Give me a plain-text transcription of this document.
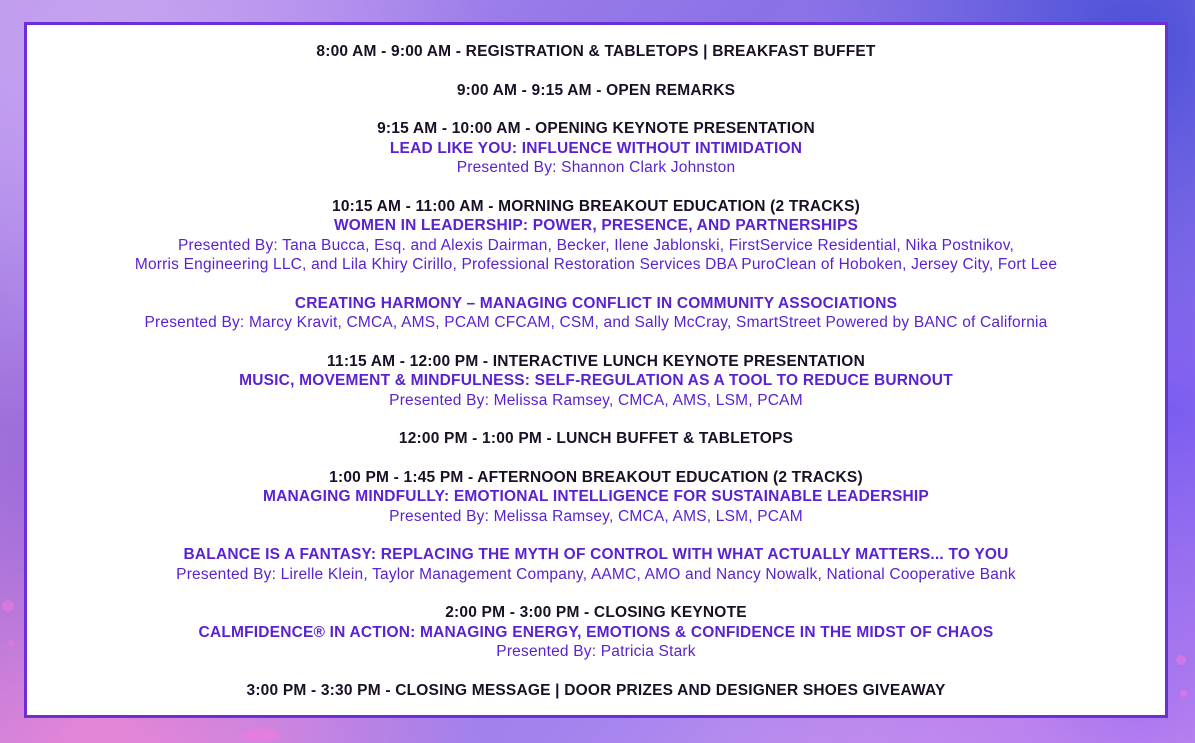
8:00 AM - 9:00 AM - REGISTRATION & TABLETOPS | BREAKFAST BUFFET
9:00 AM - 9:15 AM - OPEN REMARKS
9:15 AM - 10:00 AM - OPENING KEYNOTE PRESENTATION
LEAD LIKE YOU: INFLUENCE WITHOUT INTIMIDATION
Presented By: Shannon Clark Johnston
10:15 AM - 11:00 AM - MORNING BREAKOUT EDUCATION (2 TRACKS)
WOMEN IN LEADERSHIP: POWER, PRESENCE, AND PARTNERSHIPS
Presented By: Tana Bucca, Esq. and Alexis Dairman, Becker, Ilene Jablonski, FirstService Residential, Nika Postnikov,
Morris Engineering LLC, and Lila Khiry Cirillo, Professional Restoration Services DBA PuroClean of Hoboken, Jersey City, Fort Lee
CREATING HARMONY – MANAGING CONFLICT IN COMMUNITY ASSOCIATIONS
Presented By: Marcy Kravit, CMCA, AMS, PCAM CFCAM, CSM, and Sally McCray, SmartStreet Powered by BANC of California
11:15 AM - 12:00 PM - INTERACTIVE LUNCH KEYNOTE PRESENTATION
MUSIC, MOVEMENT & MINDFULNESS: SELF-REGULATION AS A TOOL TO REDUCE BURNOUT
Presented By: Melissa Ramsey, CMCA, AMS, LSM, PCAM
12:00 PM - 1:00 PM - LUNCH BUFFET & TABLETOPS
1:00 PM - 1:45 PM - AFTERNOON BREAKOUT EDUCATION (2 TRACKS)
MANAGING MINDFULLY: EMOTIONAL INTELLIGENCE FOR SUSTAINABLE LEADERSHIP
Presented By: Melissa Ramsey, CMCA, AMS, LSM, PCAM
BALANCE IS A FANTASY: REPLACING THE MYTH OF CONTROL WITH WHAT ACTUALLY MATTERS... TO YOU
Presented By: Lirelle Klein, Taylor Management Company, AAMC, AMO and Nancy Nowalk, National Cooperative Bank
2:00 PM - 3:00 PM - CLOSING KEYNOTE
CALMFIDENCE® IN ACTION: MANAGING ENERGY, EMOTIONS & CONFIDENCE IN THE MIDST OF CHAOS
Presented By: Patricia Stark
3:00 PM - 3:30 PM - CLOSING MESSAGE | DOOR PRIZES AND DESIGNER SHOES GIVEAWAY
